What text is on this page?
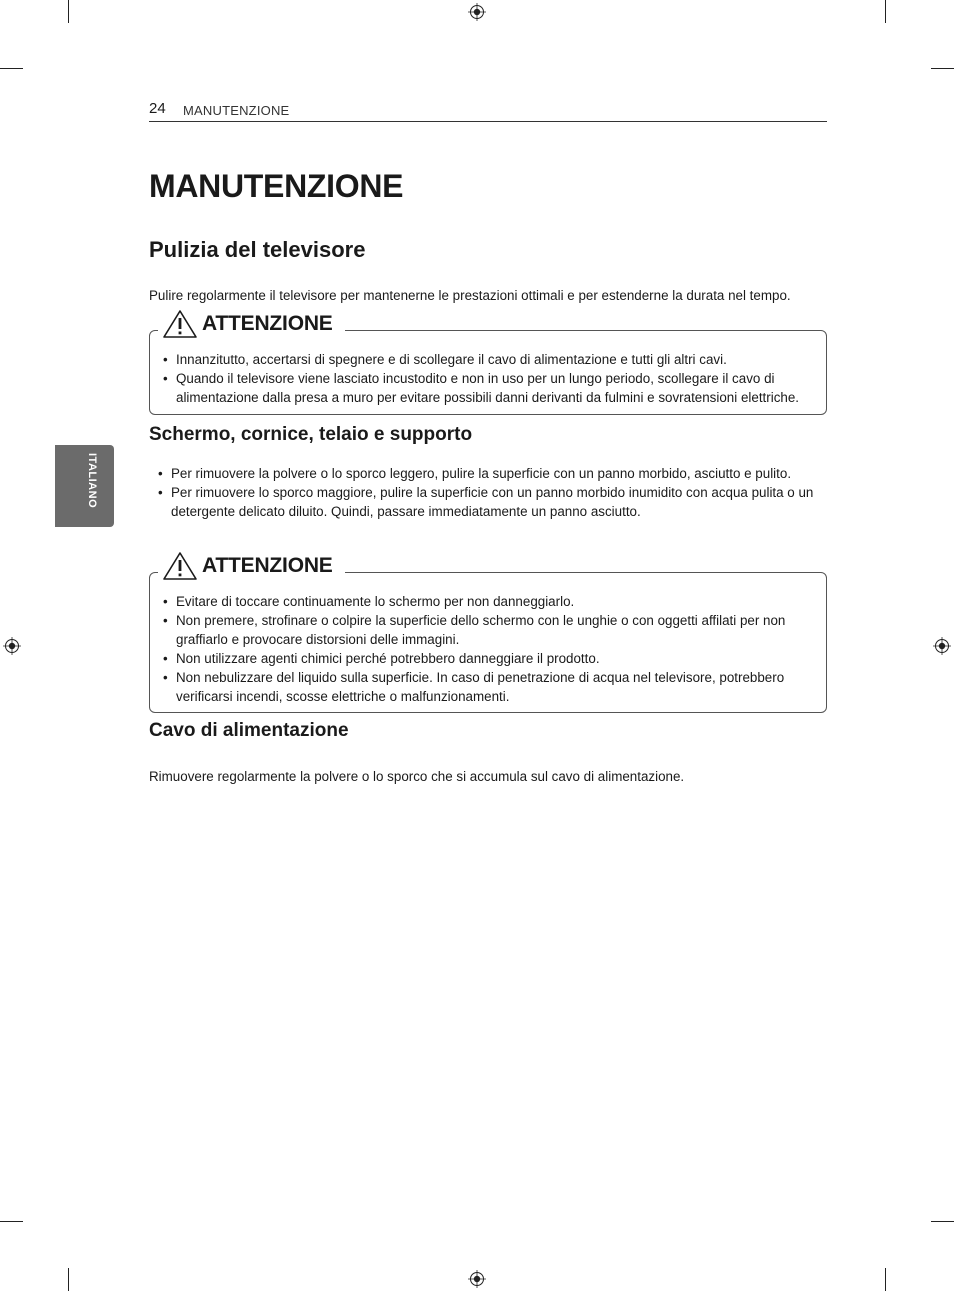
24 MANUTENZIONE
ITALIANO
MANUTENZIONE
Pulizia del televisore

Pulire regolarmente il televisore per mantenerne le prestazioni ottimali e per estenderne la durata nel tempo.

ATTENZIONE
• Innanzitutto, accertarsi di spegnere e di scollegare il cavo di alimentazione e tutti gli altri cavi.
• Quando il televisore viene lasciato incustodito e non in uso per un lungo periodo, scollegare il cavo di alimentazione dalla presa a muro per evitare possibili danni derivanti da fulmini e sovratensioni elettriche.
Schermo, cornice, telaio e supporto
• Per rimuovere la polvere o lo sporco leggero, pulire la superficie con un panno morbido, asciutto e pulito.
• Per rimuovere lo sporco maggiore, pulire la superficie con un panno morbido inumidito con acqua pulita o un detergente delicato diluito. Quindi, passare immediatamente un panno asciutto.
ATTENZIONE
• Evitare di toccare continuamente lo schermo per non danneggiarlo.
• Non premere, strofinare o colpire la superficie dello schermo con le unghie o con oggetti affilati per non graffiarlo e provocare distorsioni delle immagini.
• Non utilizzare agenti chimici perché potrebbero danneggiare il prodotto.
• Non nebulizzare del liquido sulla superficie. In caso di penetrazione di acqua nel televisore, potrebbero verificarsi incendi, scosse elettriche o malfunzionamenti.
Cavo di alimentazione

Rimuovere regolarmente la polvere o lo sporco che si accumula sul cavo di alimentazione.
